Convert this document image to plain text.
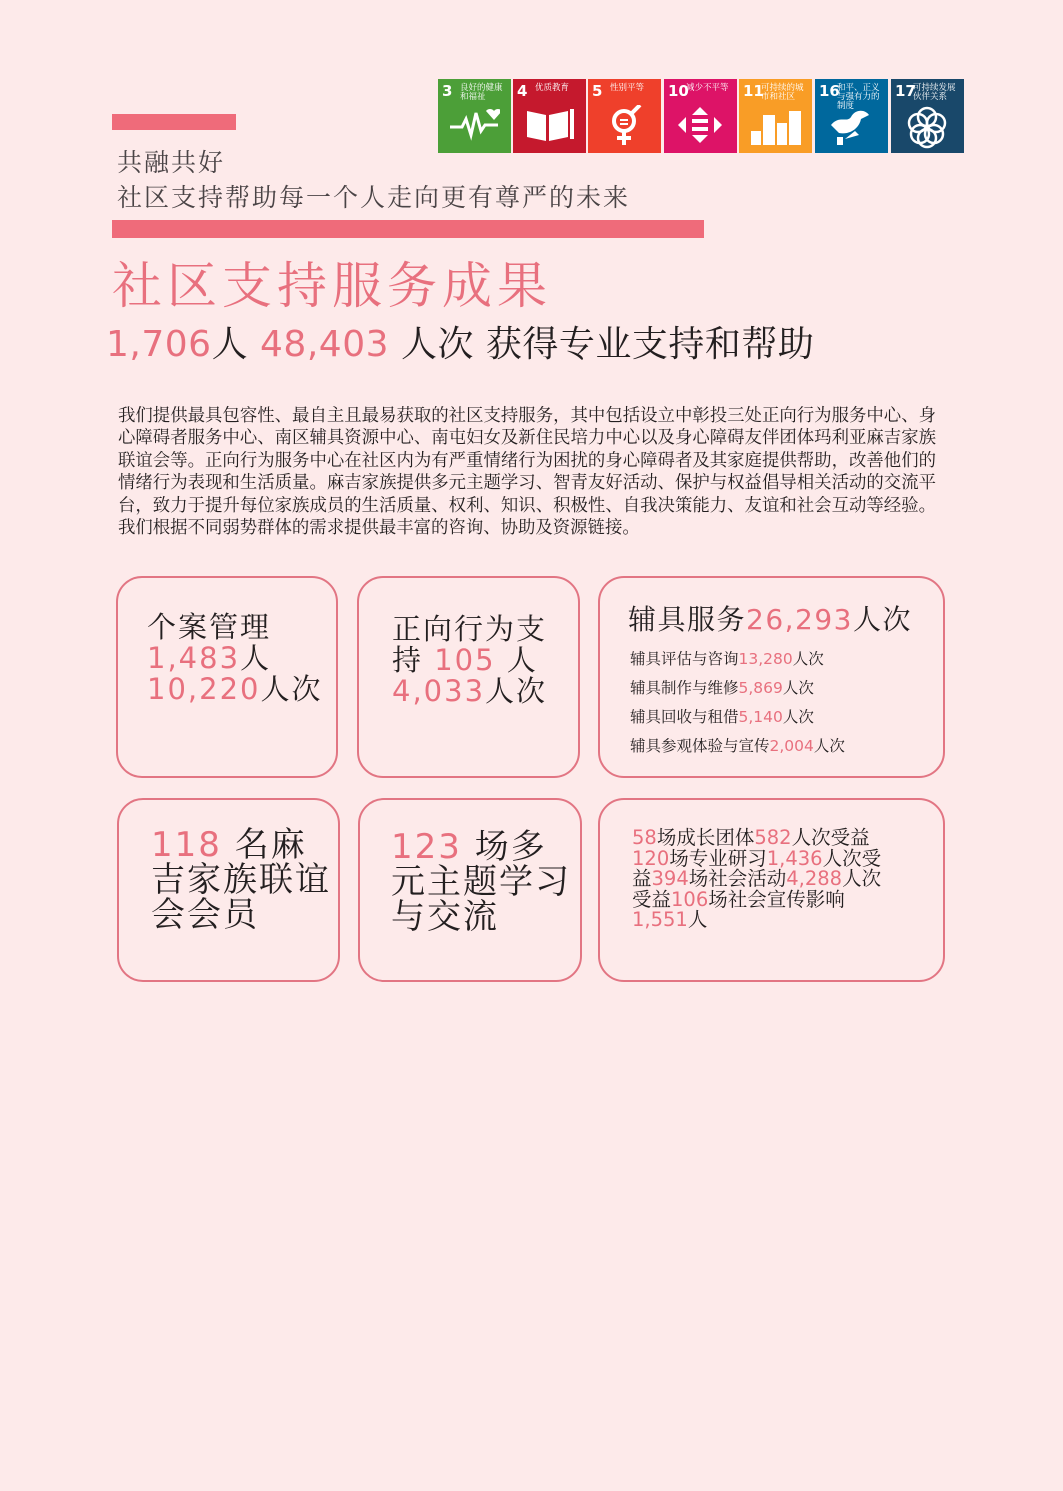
共融共好
社区支持帮助每一个人走向更有尊严的未来
3 良好的健康和福祉	4 优质教育	5 性别平等	10
减少不平等 11
可持续的城市和社区	16
和平、正义与强有力的制度
17
可持续发展伙伴关系
社区支持服务成果
1,706人 48,403 人次 获得专业支持和帮助
我们提供最具包容性、最自主且最易获取的社区支持服务，其中包括设立中彰投三处正向行为服务中心、身心障碍者服务中心、南区辅具资源中心、南屯妇女及新住民培力中心以及身心障碍友伴团体玛利亚麻吉家族联谊会等。正向行为服务中心在社区内为有严重情绪行为困扰的身心障碍者及其家庭提供帮助，改善他们的情绪行为表现和生活质量。麻吉家族提供多元主题学习、智青友好活动、保护与权益倡导相关活动的交流平台，致力于提升每位家族成员的生活质量、权利、知识、积极性、自我决策能力、友谊和社会互动等经验。我们根据不同弱势群体的需求提供最丰富的咨询、协助及资源链接。
个案管理
1,483人
10,220人次
正向行为支
持 105 人
4,033人次
辅具服务26,293人次
辅具评估与咨询13,280人次
辅具制作与维修5,869人次
辅具回收与租借5,140人次
辅具参观体验与宣传2,004人次
118 名麻吉家族联谊会会员
123 场多元主题学习与交流
58场成长团体582人次受益120场专业研习1,436人次受益394场社会活动4,288人次受益106场社会宣传影响1,551人
